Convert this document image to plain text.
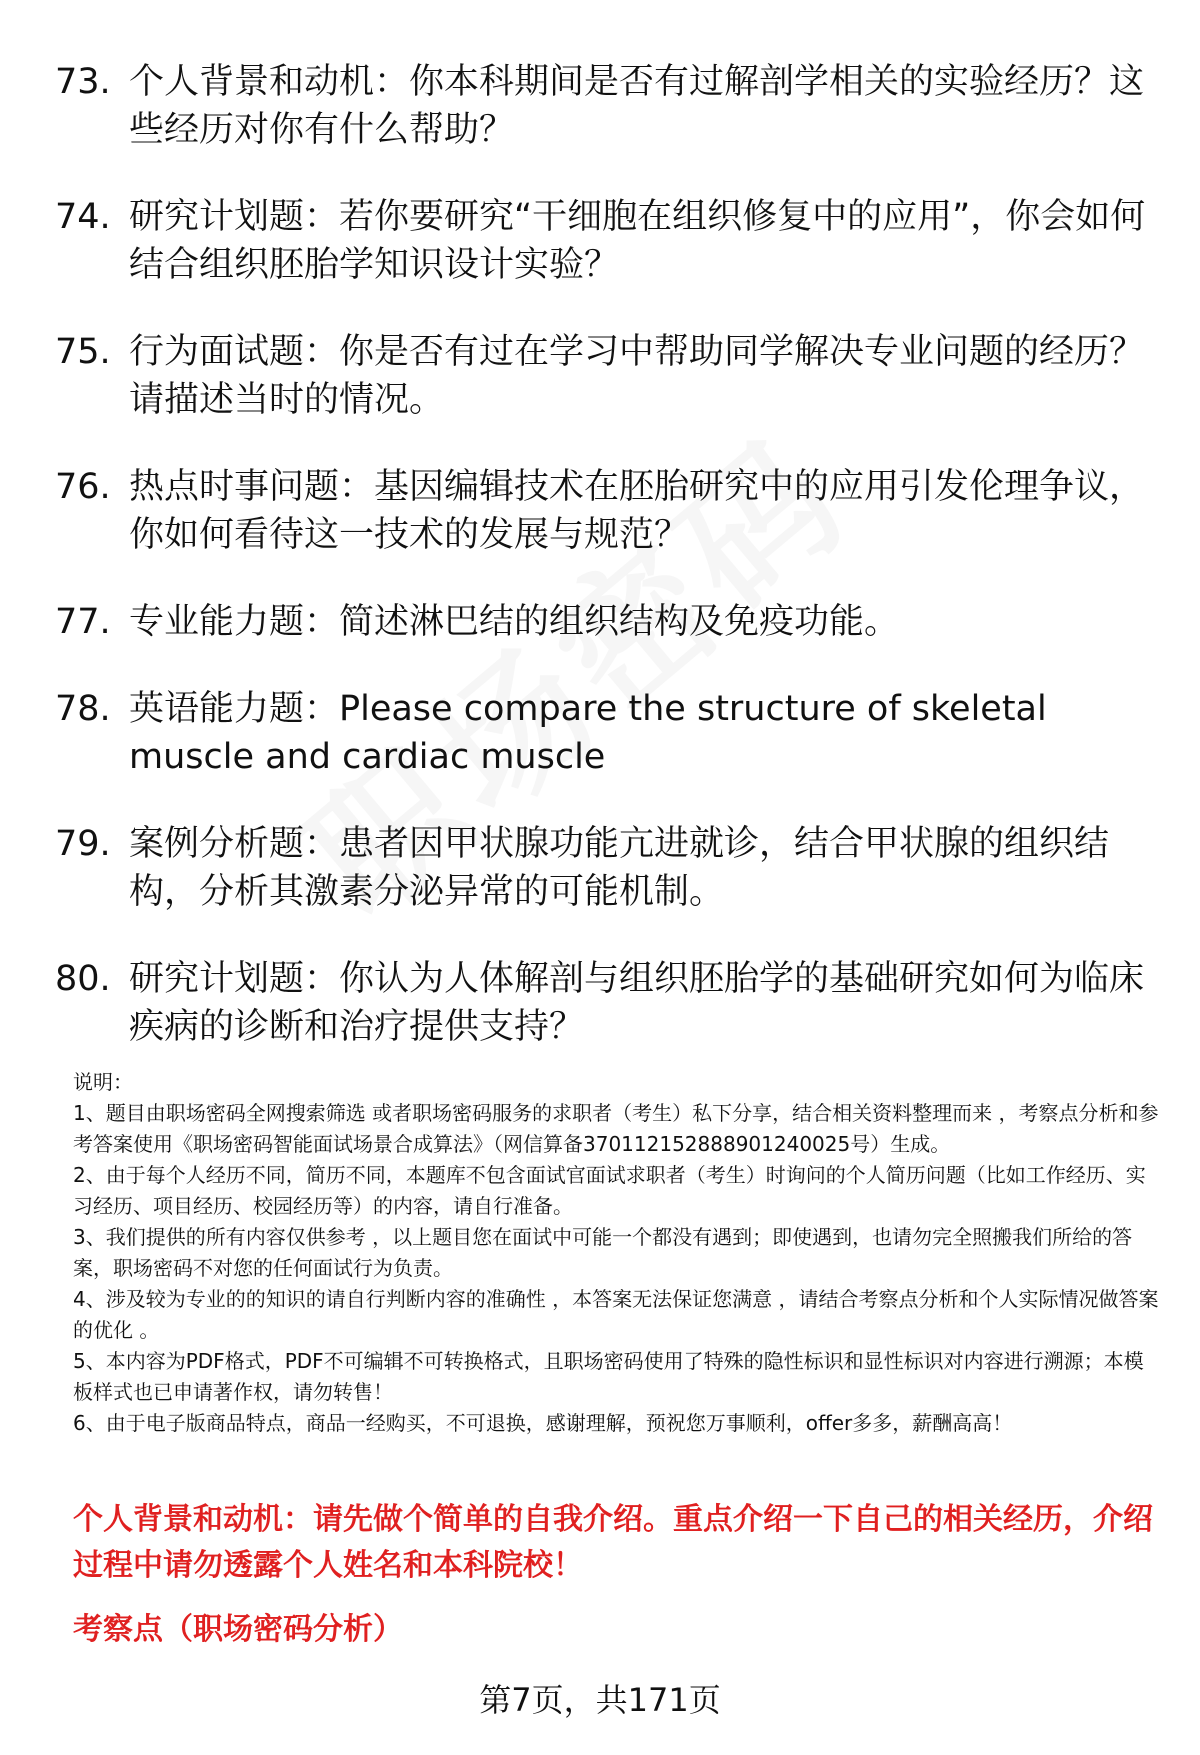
73. 个人背景和动机：你本科期间是否有过解剖学相关的实验经历？这些经历对你有什么帮助？
74. 研究计划题：若你要研究“干细胞在组织修复中的应用”，你会如何结合组织胚胎学知识设计实验？
75. 行为面试题：你是否有过在学习中帮助同学解决专业问题的经历？请描述当时的情况。
76. 热点时事问题：基因编辑技术在胚胎研究中的应用引发伦理争议，你如何看待这一技术的发展与规范？
77. 专业能力题：简述淋巴结的组织结构及免疫功能。
78. 英语能力题：Please compare the structure of skeletal muscle and cardiac muscle
79. 案例分析题：患者因甲状腺功能亢进就诊，结合甲状腺的组织结构，分析其激素分泌异常的可能机制。
80. 研究计划题：你认为人体解剖与组织胚胎学的基础研究如何为临床疾病的诊断和治疗提供支持？

说明：

1、题目由职场密码全网搜索筛选 或者职场密码服务的求职者（考生）私下分享，结合相关资料整理而来 ，考察点分析和参考答案使用《职场密码智能面试场景合成算法》（网信算备370112152888901240025号）生成。

2、由于每个人经历不同，简历不同，本题库不包含面试官面试求职者（考生）时询问的个人简历问题（比如工作经历、实习经历、项目经历、校园经历等）的内容，请自行准备。

3、我们提供的所有内容仅供参考 ，以上题目您在面试中可能一个都没有遇到；即使遇到，也请勿完全照搬我们所给的答案，职场密码不对您的任何面试行为负责。

4、涉及较为专业的的知识的请自行判断内容的准确性 ，本答案无法保证您满意 ，请结合考察点分析和个人实际情况做答案的优化 。

5、本内容为PDF格式，PDF不可编辑不可转换格式，且职场密码使用了特殊的隐性标识和显性标识对内容进行溯源；本模板样式也已申请著作权，请勿转售！

6、由于电子版商品特点，商品一经购买，不可退换，感谢理解，预祝您万事顺利，offer多多，薪酬高高！

个人背景和动机：请先做个简单的自我介绍。重点介绍一下自己的相关经历，介绍过程中请勿透露个人姓名和本科院校！
考察点（职场密码分析）
第7页，共171页
